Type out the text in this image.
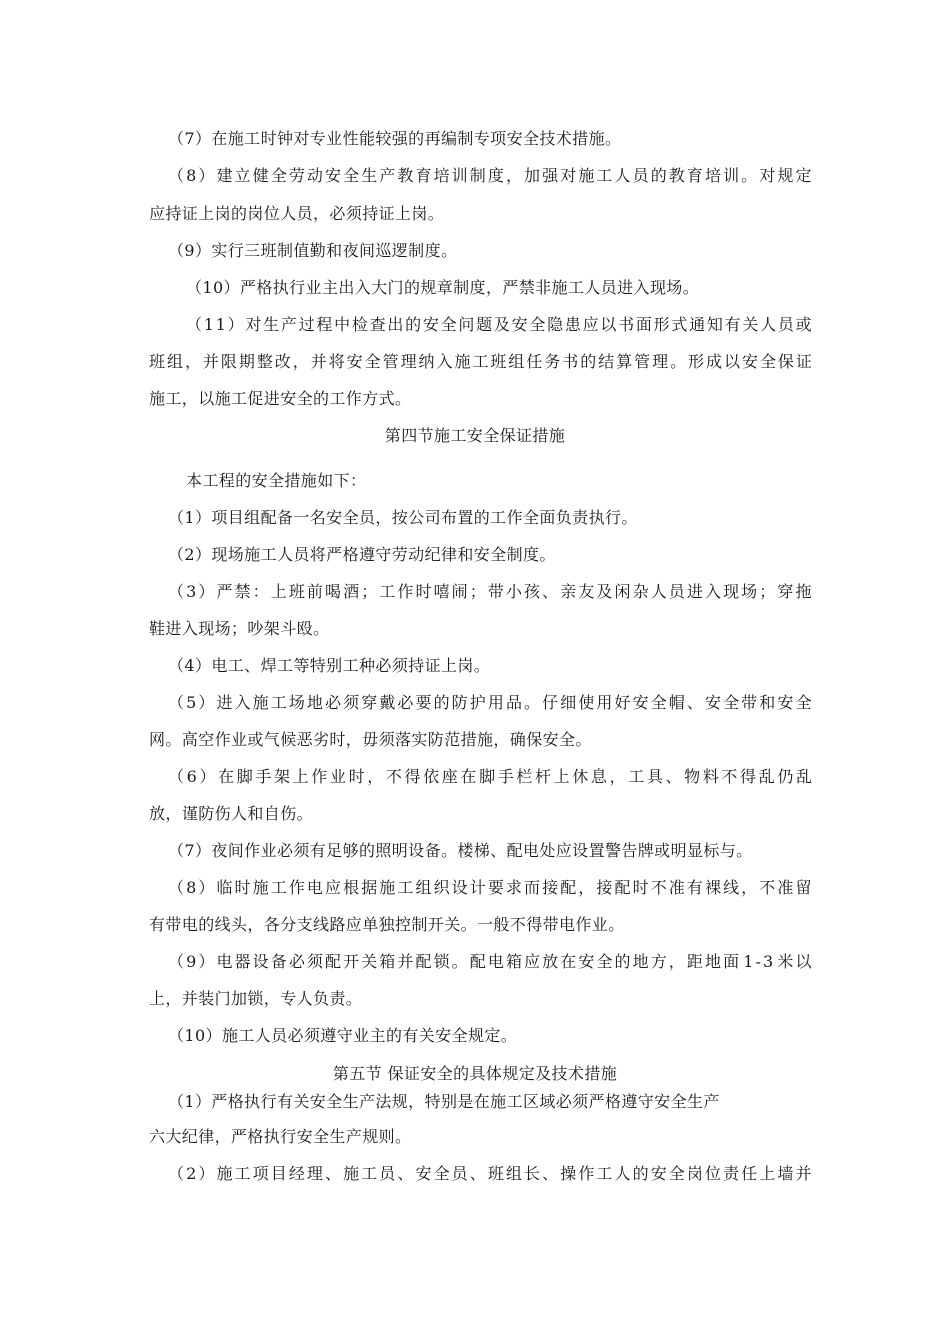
（7）在施工时钟对专业性能较强的再编制专项安全技术措施。
（ 8 ） 建 立 健 全 劳 动 安 全 生 产 教 育 培 训 制 度 ， 加 强 对 施 工 人 员 的 教 育 培 训 。 对 规 定
应持证上岗的岗位人员，必须持证上岗。
（9）实行三班制值勤和夜间巡逻制度。
（10）严格执行业主出入大门的规章制度，严禁非施工人员进入现场。
（ 1 1 ） 对 生 产 过 程 中 检 查 出 的 安 全 问 题 及 安 全 隐 患 应 以 书 面 形 式 通 知 有 关 人 员 或
班 组 ， 并 限 期 整 改 ， 并 将 安 全 管 理 纳 入 施 工 班 组 任 务 书 的 结 算 管 理 。 形 成 以 安 全 保 证
施工，以施工促进安全的工作方式。
第四节施工安全保证措施
本工程的安全措施如下：
（1）项目组配备一名安全员，按公司布置的工作全面负责执行。
（2）现场施工人员将严格遵守劳动纪律和安全制度。
（ 3 ） 严 禁 ： 上 班 前 喝 酒 ； 工 作 时 嘻 闹 ； 带 小 孩 、 亲 友 及 闲 杂 人 员 进 入 现 场 ； 穿 拖
鞋进入现场；吵架斗殴。
（4）电工、焊工等特别工种必须持证上岗。
（ 5 ） 进 入 施 工 场 地 必 须 穿 戴 必 要 的 防 护 用 品 。 仔 细 使 用 好 安 全 帽 、 安 全 带 和 安 全
网。高空作业或气候恶劣时，毋须落实防范措施，确保安全。
（ 6 ） 在 脚 手 架 上 作 业 时 ， 不 得 依 座 在 脚 手 栏 杆 上 休 息 ， 工 具 、 物 料 不 得 乱 仍 乱
放，谨防伤人和自伤。
（7）夜间作业必须有足够的照明设备。楼梯、配电处应设置警告牌或明显标与。
（ 8 ） 临 时 施 工 作 电 应 根 据 施 工 组 织 设 计 要 求 而 接 配 ， 接 配 时 不 准 有 裸 线 ， 不 准 留
有带电的线头，各分支线路应单独控制开关。一般不得带电作业。
（ 9 ） 电 器 设 备 必 须 配 开 关 箱 并 配 锁 。 配 电 箱 应 放 在 安 全 的 地 方 ， 距 地 面 1 - 3 米 以
上，并装门加锁，专人负责。
（10）施工人员必须遵守业主的有关安全规定。
第五节 保证安全的具体规定及技术措施
（1）严格执行有关安全生产法规，特别是在施工区域必须严格遵守安全生产
六大纪律，严格执行安全生产规则。
（ 2 ） 施 工 项 目 经 理 、 施 工 员 、 安 全 员 、 班 组 长 、 操 作 工 人 的 安 全 岗 位 责 任 上 墙 并
